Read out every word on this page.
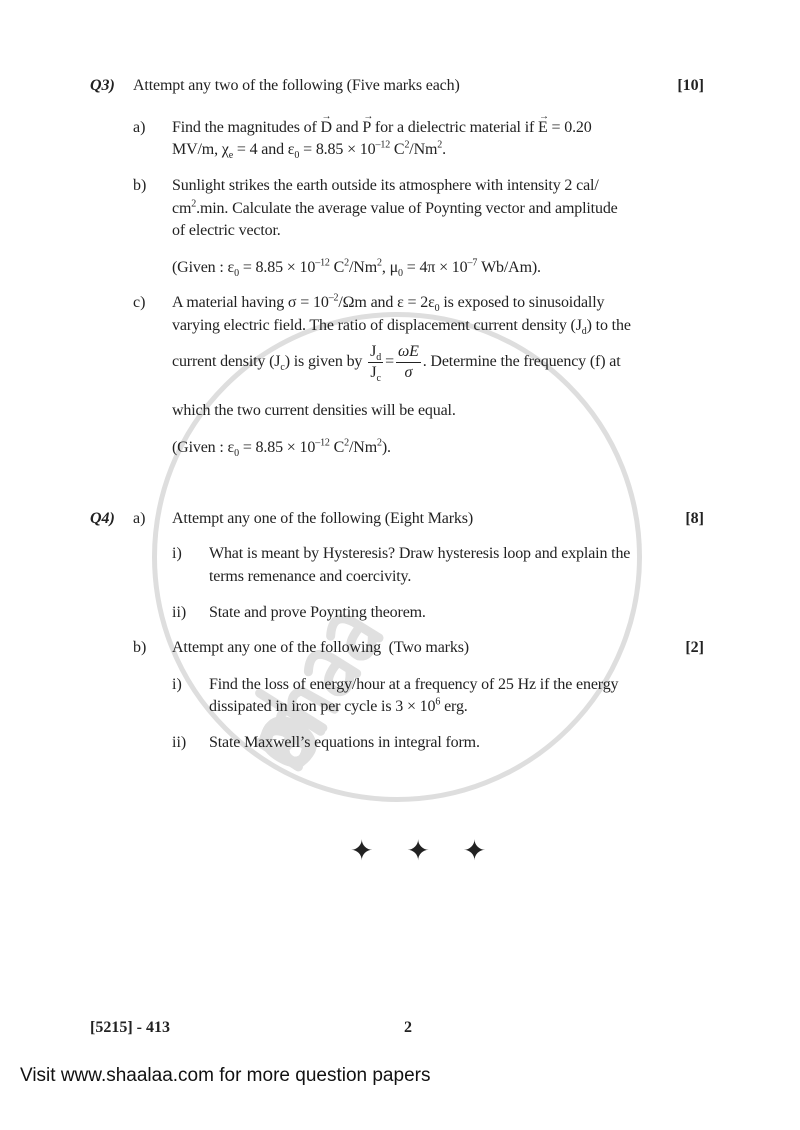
Q3) Attempt any two of the following (Five marks each)	[10]
a) Find the magnitudes of → D and → P for a dielectric material if → E = 0.20
MV/m, $\chi_e = 4$ and $\varepsilon_0 = 8.85 \times 10^{-12}$ $C^2/Nm^2$.
b) Sunlight strikes the earth outside its atmosphere with intensity 2 cal/
$cm^2.\min$. Calculate the average value of Poynting vector and amplitude
of electric vector.
(Given : $\varepsilon_0 = 8.85 \times 10^{-12}$ $C^2/Nm^2$, $\mu_0 = 4\pi \times 10^{-7}$ Wb/Am).
c) A material having $\sigma = 10^{-2}/\Omega m$ and $\varepsilon = 2\varepsilon_0$ is exposed to sinusoidally
varying electric field. The ratio of displacement current density $(J_d)$ to the
current density $(J_c)$ is given by $\frac{J_d}{J_c} = \frac{\omega E}{\sigma}$ . Determine the frequency (f) at
which the two current densities will be equal.
(Given : $\varepsilon_0 = 8.85 \times 10^{-12}$ $C^2/Nm^2$).
Q4) a) Attempt any one of the following (Eight Marks)	[8]
i) What is meant by Hysteresis? Draw hysteresis loop and explain the
terms remenance and coercivity.
ii) State and prove Poynting theorem.
b) Attempt any one of the following  (Two marks)	[2]
i) Find the loss of energy/hour at a frequency of 25 Hz if the energy
dissipated in iron per cycle is $3 \times 10^6$ erg.
ii) State Maxwell’s equations in integral form.
✦ ✦ ✦
[5215] - 413	2
Visit www.shaalaa.com for more question papers
